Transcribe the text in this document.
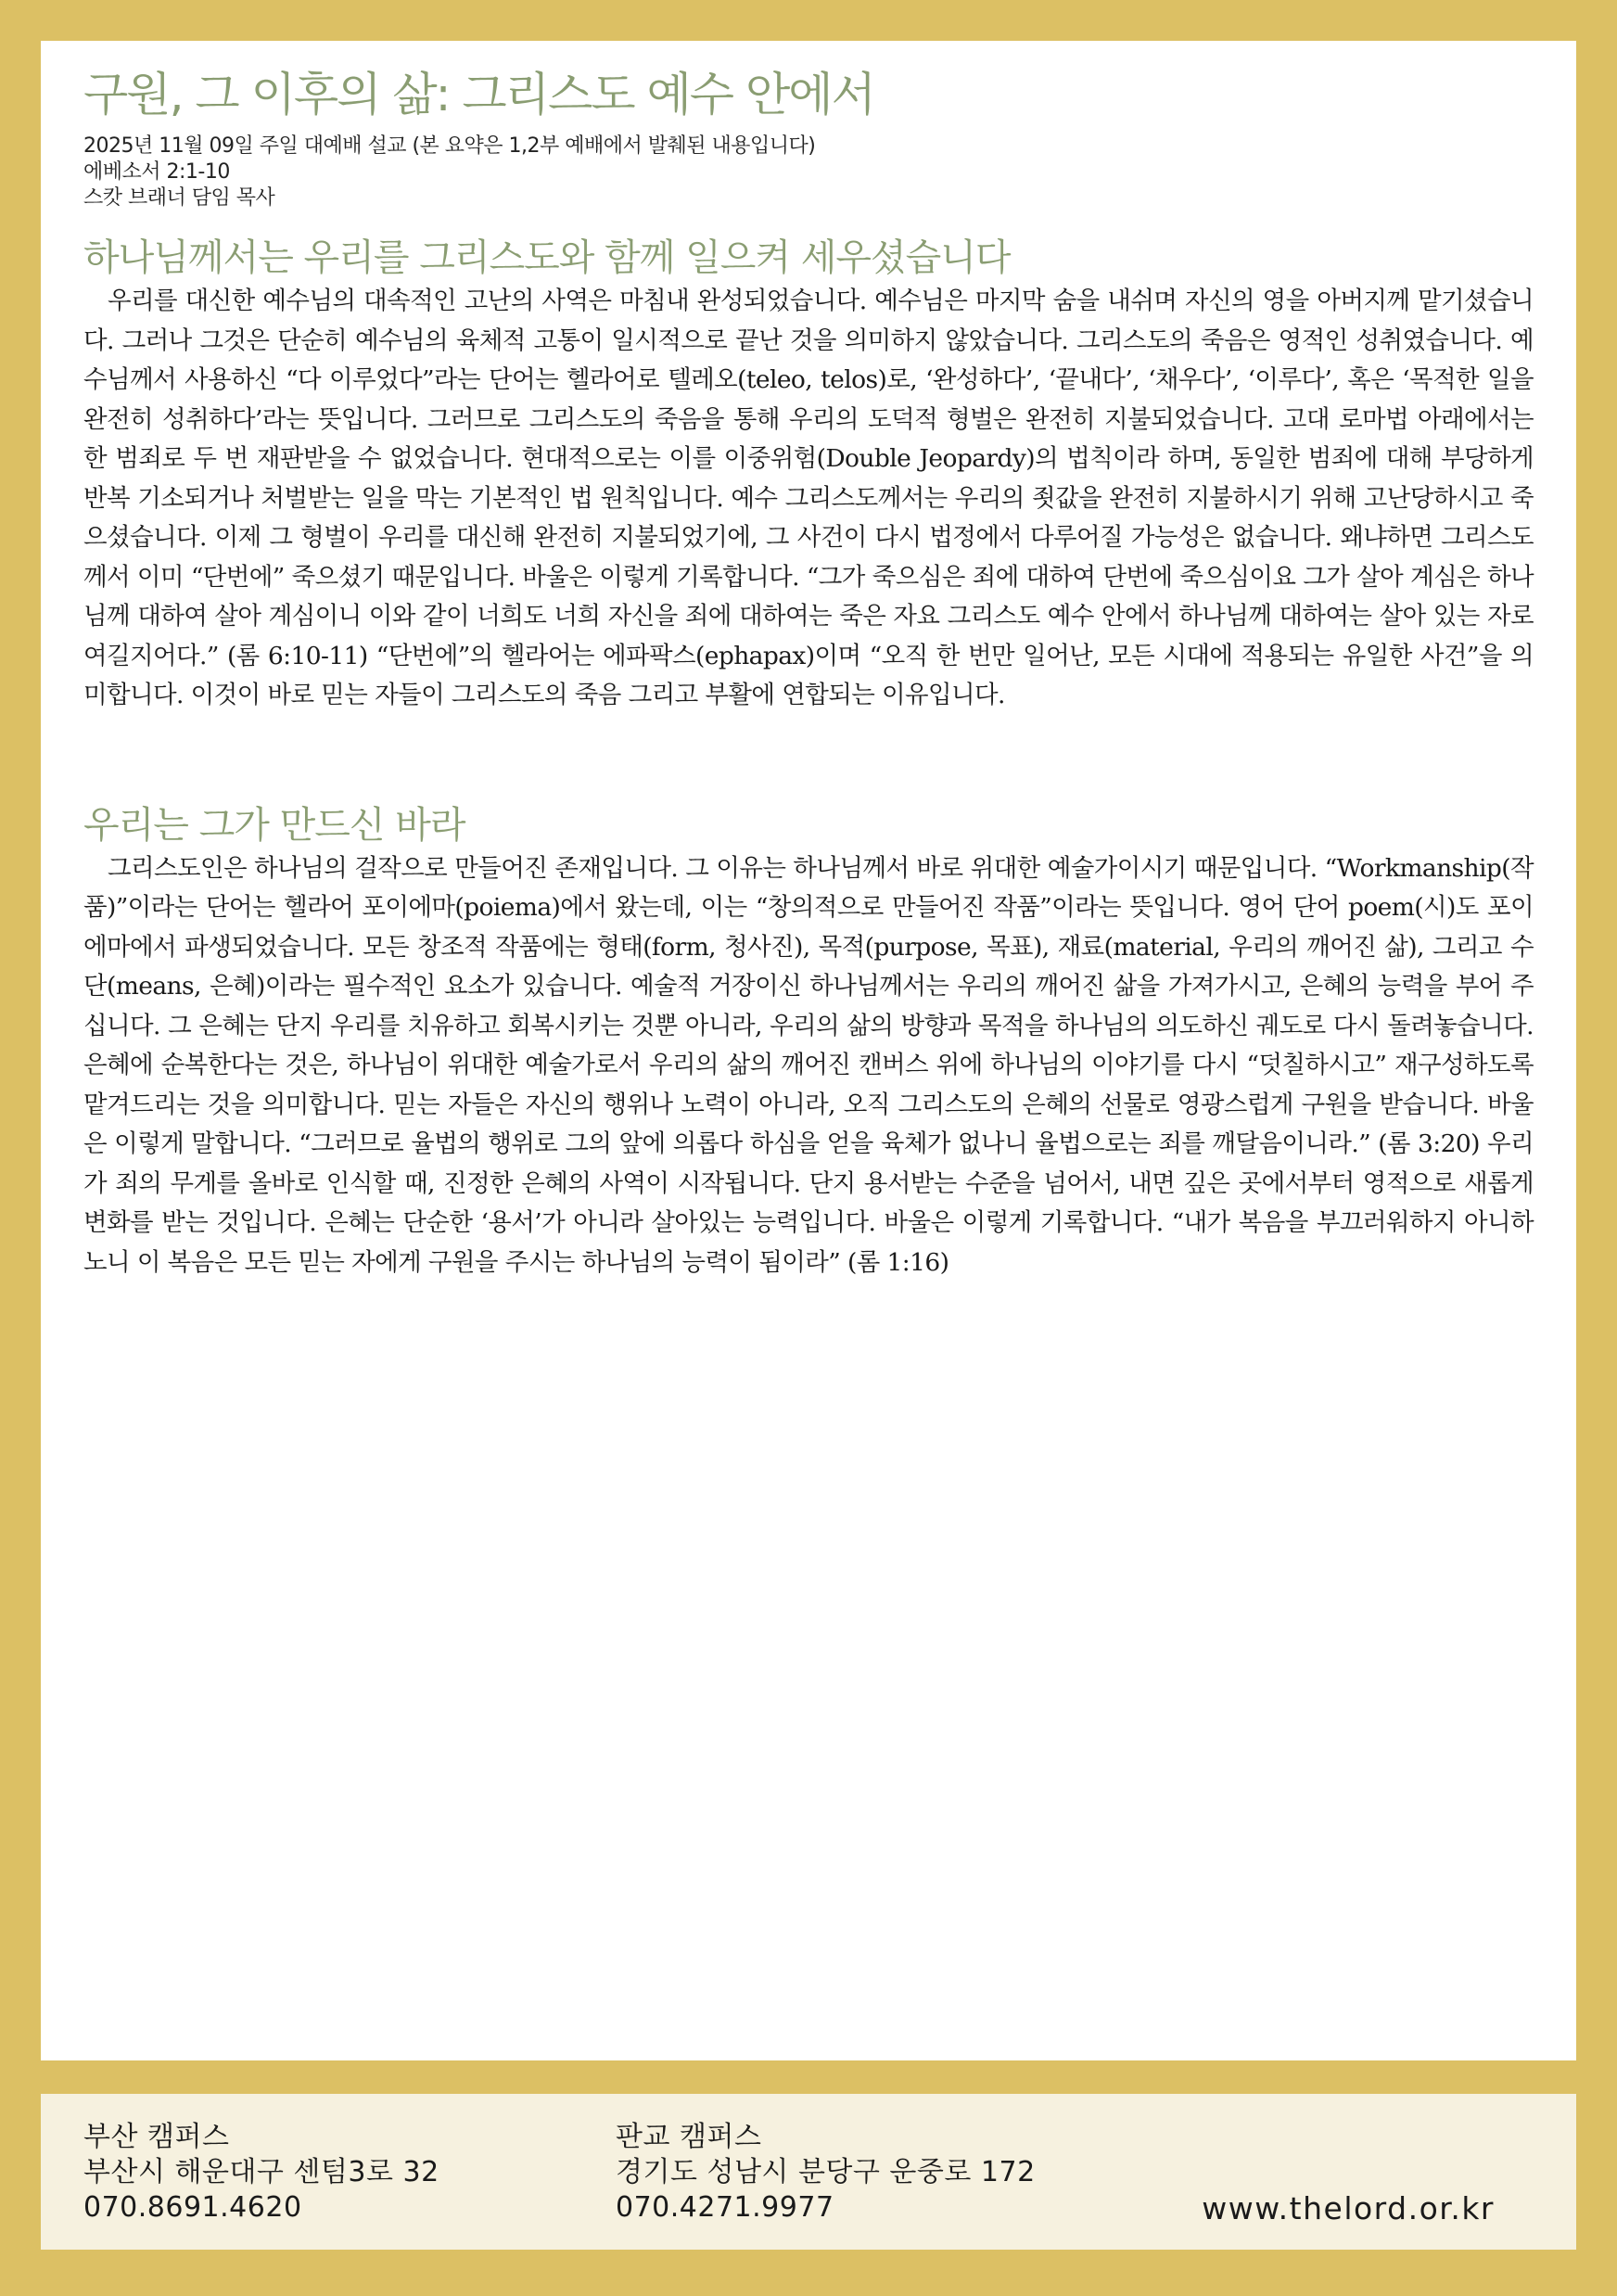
구원, 그 이후의 삶: 그리스도 예수 안에서
2025년 11월 09일 주일 대예배 설교 (본 요약은 1,2부 예배에서 발췌된 내용입니다)
에베소서 2:1-10
스캇 브래너 담임 목사
하나님께서는 우리를 그리스도와 함께 일으켜 세우셨습니다

우리를 대신한 예수님의 대속적인 고난의 사역은 마침내 완성되었습니다. 예수님은 마지막 숨을 내쉬며 자신의 영을 아버지께 맡기셨습니다. 그러나 그것은 단순히 예수님의 육체적 고통이 일시적으로 끝난 것을 의미하지 않았습니다. 그리스도의 죽음은 영적인 성취였습니다. 예수님께서 사용하신 “다 이루었다”라는 단어는 헬라어로 텔레오(teleo, telos)로, ‘완성하다’, ‘끝내다’, ‘채우다’, ‘이루다’, 혹은 ‘목적한 일을 완전히 성취하다’라는 뜻입니다. 그러므로 그리스도의 죽음을 통해 우리의 도덕적 형벌은 완전히 지불되었습니다. 고대 로마법 아래에서는 한 범죄로 두 번 재판받을 수 없었습니다. 현대적으로는 이를 이중위험(Double Jeopardy)의 법칙이라 하며, 동일한 범죄에 대해 부당하게 반복 기소되거나 처벌받는 일을 막는 기본적인 법 원칙입니다. 예수 그리스도께서는 우리의 죗값을 완전히 지불하시기 위해 고난당하시고 죽으셨습니다. 이제 그 형벌이 우리를 대신해 완전히 지불되었기에, 그 사건이 다시 법정에서 다루어질 가능성은 없습니다. 왜냐하면 그리스도께서 이미 “단번에” 죽으셨기 때문입니다. 바울은 이렇게 기록합니다. “그가 죽으심은 죄에 대하여 단번에 죽으심이요 그가 살아 계심은 하나님께 대하여 살아 계심이니 이와 같이 너희도 너희 자신을 죄에 대하여는 죽은 자요 그리스도 예수 안에서 하나님께 대하여는 살아 있는 자로 여길지어다.” (롬 6:10-11) “단번에”의 헬라어는 에파팍스(ephapax)이며 “오직 한 번만 일어난, 모든 시대에 적용되는 유일한 사건”을 의미합니다. 이것이 바로 믿는 자들이 그리스도의 죽음 그리고 부활에 연합되는 이유입니다.

우리는 그가 만드신 바라

그리스도인은 하나님의 걸작으로 만들어진 존재입니다. 그 이유는 하나님께서 바로 위대한 예술가이시기 때문입니다. “Workmanship(작품)”이라는 단어는 헬라어 포이에마(poiema)에서 왔는데, 이는 “창의적으로 만들어진 작품”이라는 뜻입니다. 영어 단어 poem(시)도 포이에마에서 파생되었습니다. 모든 창조적 작품에는 형태(form, 청사진), 목적(purpose, 목표), 재료(material, 우리의 깨어진 삶), 그리고 수단(means, 은혜)이라는 필수적인 요소가 있습니다. 예술적 거장이신 하나님께서는 우리의 깨어진 삶을 가져가시고, 은혜의 능력을 부어 주십니다. 그 은혜는 단지 우리를 치유하고 회복시키는 것뿐 아니라, 우리의 삶의 방향과 목적을 하나님의 의도하신 궤도로 다시 돌려놓습니다. 은혜에 순복한다는 것은, 하나님이 위대한 예술가로서 우리의 삶의 깨어진 캔버스 위에 하나님의 이야기를 다시 “덧칠하시고” 재구성하도록 맡겨드리는 것을 의미합니다. 믿는 자들은 자신의 행위나 노력이 아니라, 오직 그리스도의 은혜의 선물로 영광스럽게 구원을 받습니다. 바울은 이렇게 말합니다. “그러므로 율법의 행위로 그의 앞에 의롭다 하심을 얻을 육체가 없나니 율법으로는 죄를 깨달음이니라.” (롬 3:20) 우리가 죄의 무게를 올바로 인식할 때, 진정한 은혜의 사역이 시작됩니다. 단지 용서받는 수준을 넘어서, 내면 깊은 곳에서부터 영적으로 새롭게 변화를 받는 것입니다. 은혜는 단순한 ‘용서’가 아니라 살아있는 능력입니다. 바울은 이렇게 기록합니다. “내가 복음을 부끄러워하지 아니하노니 이 복음은 모든 믿는 자에게 구원을 주시는 하나님의 능력이 됨이라” (롬 1:16)

부산 캠퍼스
부산시 해운대구 센텀3로 32
070.8691.4620
판교 캠퍼스
경기도 성남시 분당구 운중로 172
070.4271.9977	www.thelord.or.kr
